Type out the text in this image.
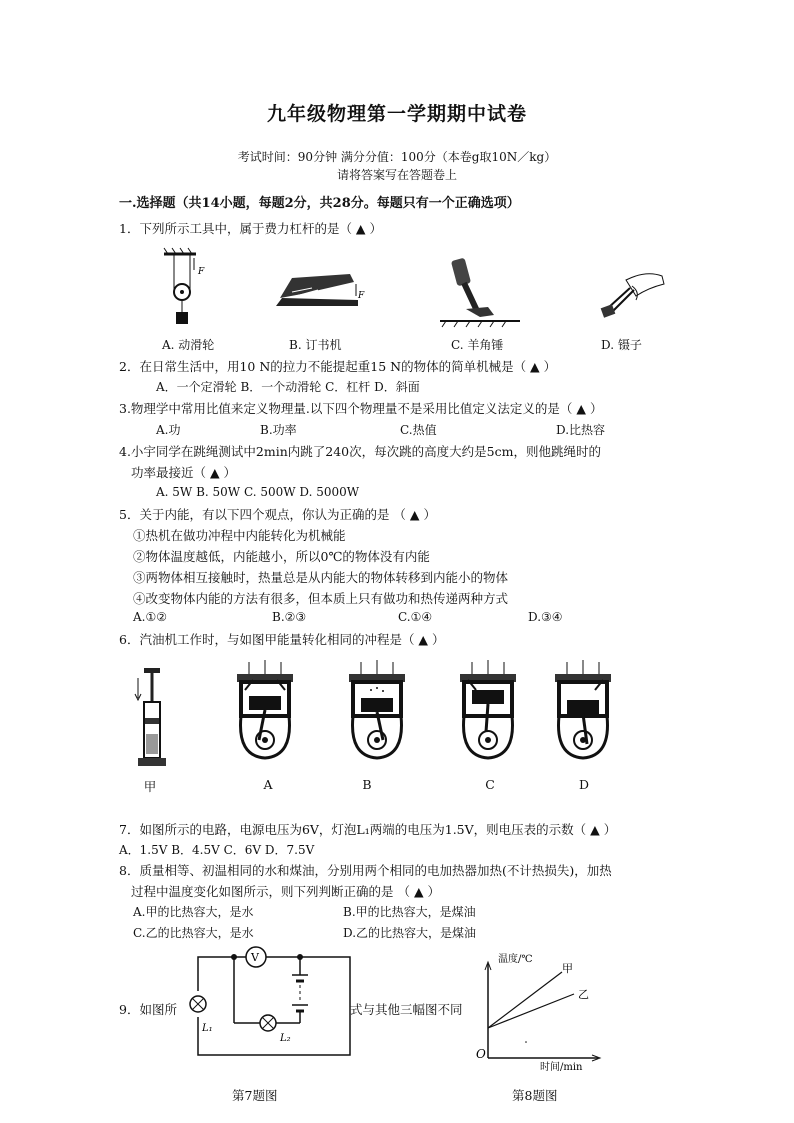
九年级物理第一学期期中试卷
考试时间：90分钟 满分分值：100分（本卷g取10N／kg）
请将答案写在答题卷上
一.选择题（共14小题，每题2分，共28分。每题只有一个正确选项）
1．下列所示工具中，属于费力杠杆的是（ ▲ ）
F
F
A. 动滑轮	B. 订书机	C. 羊角锤	D. 镊子
2．在日常生活中，用10 N的拉力不能提起重15 N的物体的简单机械是（ ▲ ）
A．一个定滑轮 B．一个动滑轮 C．杠杆 D．斜面
3.物理学中常用比值来定义物理量.以下四个物理量不是采用比值定义法定义的是（ ▲ ）
A.功	B.功率	C.热值	D.比热容
4.小宇同学在跳绳测试中2min内跳了240次，每次跳的高度大约是5cm，则他跳绳时的
功率最接近（ ▲ ）
A. 5W B. 50W C. 500W D. 5000W
5．关于内能，有以下四个观点，你认为正确的是 （ ▲ ）
①热机在做功冲程中内能转化为机械能
②物体温度越低，内能越小，所以0℃的物体没有内能
③两物体相互接触时，热量总是从内能大的物体转移到内能小的物体
④改变物体内能的方法有很多，但本质上只有做功和热传递两种方式
A.①②	B.②③	C.①④	D.③④
6．汽油机工作时，与如图甲能量转化相同的冲程是（ ▲ ）
甲	A	B	C	D
7．如图所示的电路，电源电压为6V，灯泡L₁两端的电压为1.5V，则电压表的示数（ ▲ ）
A．1.5V B．4.5V C．6V D．7.5V
8．质量相等、初温相同的水和煤油，分别用两个相同的电加热器加热(不计热损失)，加热
过程中温度变化如图所示，则下列判断正确的是 （ ▲ ）
A.甲的比热容大，是水	B.甲的比热容大，是煤油
C.乙的比热容大，是水	D.乙的比热容大，是煤油
9．如图所	式与其他三幅图不同
L₁
V
L₂
温度/℃
甲
乙
O
时间/min
第7题图	第8题图
